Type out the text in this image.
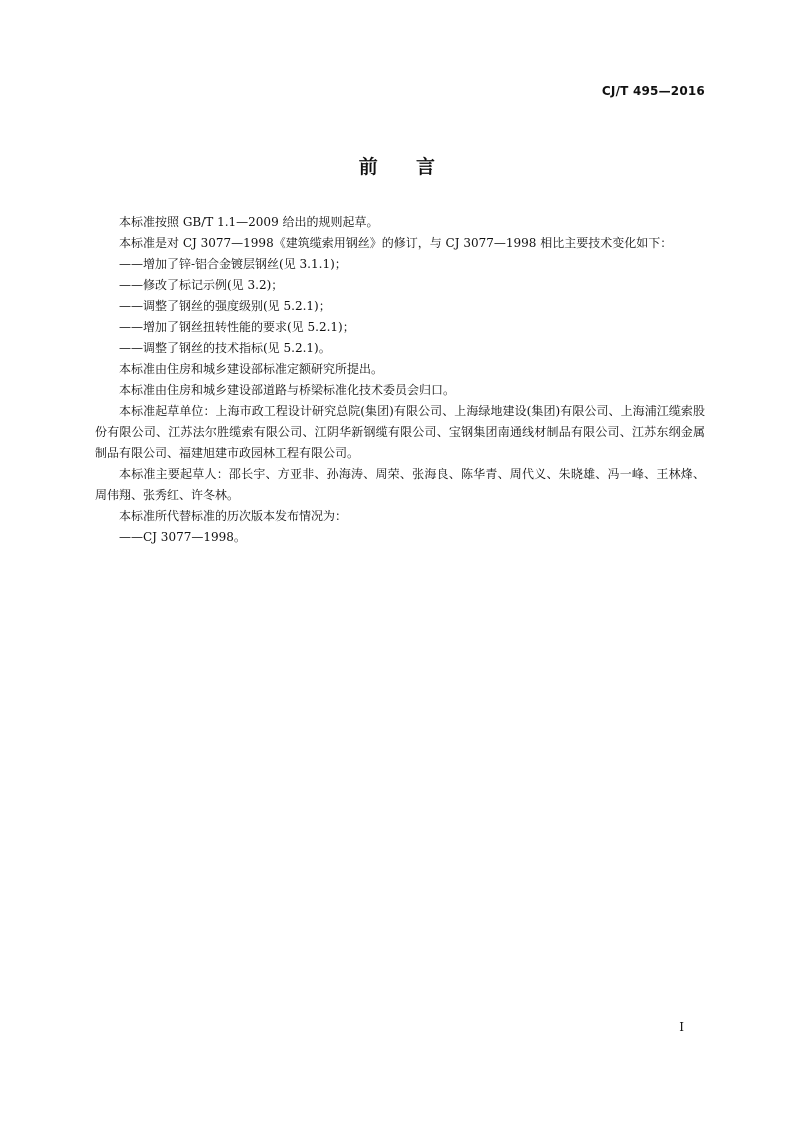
CJ/T 495—2016
前 言

本标准按照 GB/T 1.1—2009 给出的规则起草。

本标准是对 CJ 3077—1998《建筑缆索用钢丝》的修订，与 CJ 3077—1998 相比主要技术变化如下：

——增加了锌-铝合金镀层钢丝(见 3.1.1)；

——修改了标记示例(见 3.2)；

——调整了钢丝的强度级别(见 5.2.1)；

——增加了钢丝扭转性能的要求(见 5.2.1)；

——调整了钢丝的技术指标(见 5.2.1)。

本标准由住房和城乡建设部标准定额研究所提出。

本标准由住房和城乡建设部道路与桥梁标准化技术委员会归口。

本标准起草单位：上海市政工程设计研究总院(集团)有限公司、上海绿地建设(集团)有限公司、上海浦江缆索股份有限公司、江苏法尔胜缆索有限公司、江阴华新钢缆有限公司、宝钢集团南通线材制品有限公司、江苏东纲金属制品有限公司、福建旭建市政园林工程有限公司。

本标准主要起草人：邵长宇、方亚非、孙海涛、周荣、张海良、陈华青、周代义、朱晓雄、冯一峰、王林烽、周伟翔、张秀红、许冬林。

本标准所代替标准的历次版本发布情况为：

——CJ 3077—1998。

I
